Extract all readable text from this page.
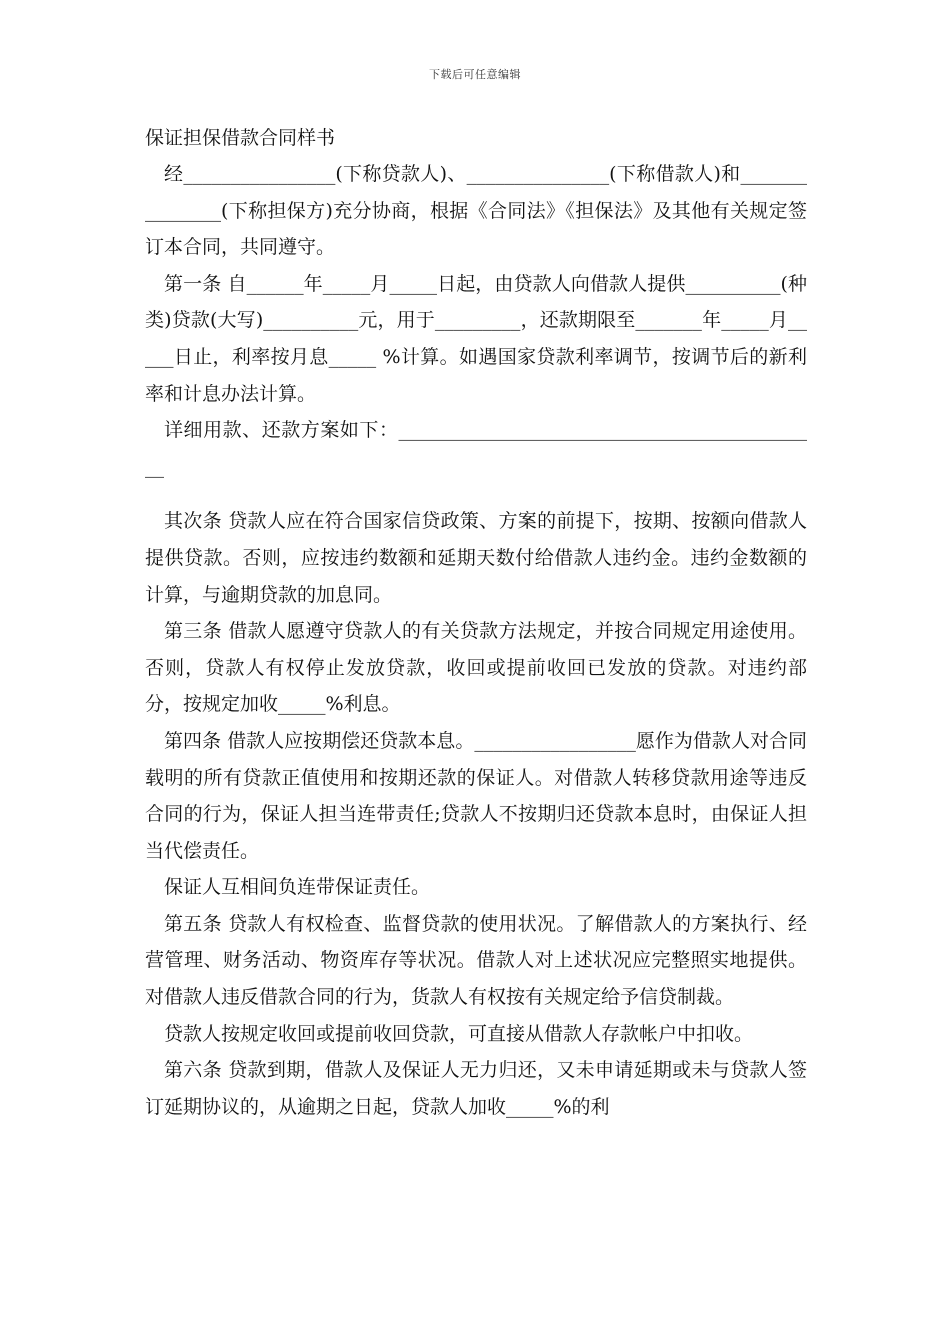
下载后可任意编辑
保证担保借款合同样书

经________________(下称贷款人)、_______________(下称借款人)和_______________(下称担保方)充分协商，根据《合同法》《担保法》及其他有关规定签订本合同，共同遵守。

第一条 自______年_____月_____日起，由贷款人向借款人提供__________(种类)贷款(大写)__________元，用于_________，还款期限至_______年_____月_____日止，利率按月息_____ %计算。如遇国家贷款利率调节，按调节后的新利率和计息办法计算。

详细用款、还款方案如下：_____________________________________________

其次条 贷款人应在符合国家信贷政策、方案的前提下，按期、按额向借款人提供贷款。否则，应按违约数额和延期天数付给借款人违约金。违约金数额的计算，与逾期贷款的加息同。

第三条 借款人愿遵守贷款人的有关贷款方法规定，并按合同规定用途使用。否则，贷款人有权停止发放贷款，收回或提前收回已发放的贷款。对违约部分，按规定加收_____%利息。

第四条 借款人应按期偿还贷款本息。_________________愿作为借款人对合同载明的所有贷款正值使用和按期还款的保证人。对借款人转移贷款用途等违反合同的行为，保证人担当连带责任;贷款人不按期归还贷款本息时，由保证人担当代偿责任。

保证人互相间负连带保证责任。

第五条 贷款人有权检查、监督贷款的使用状况。了解借款人的方案执行、经营管理、财务活动、物资库存等状况。借款人对上述状况应完整照实地提供。对借款人违反借款合同的行为，货款人有权按有关规定给予信贷制裁。

贷款人按规定收回或提前收回贷款，可直接从借款人存款帐户中扣收。

第六条 贷款到期，借款人及保证人无力归还，又未申请延期或未与贷款人签订延期协议的，从逾期之日起，贷款人加收_____%的利
